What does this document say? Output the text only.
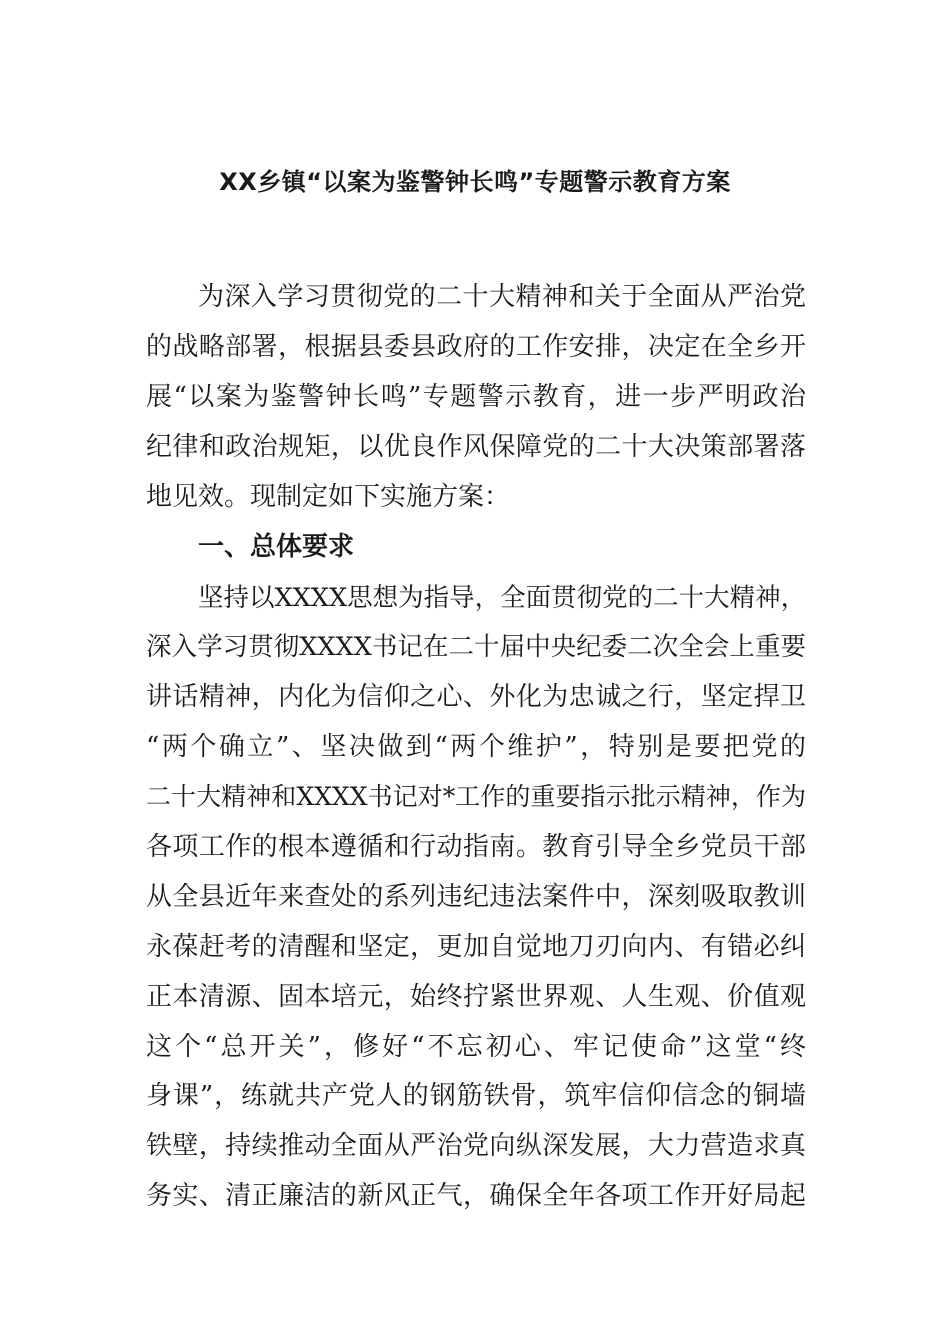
XX乡镇“以案为鉴警钟长鸣”专题警示教育方案
为深入学习贯彻党的二十大精神和关于全面从严治党
的战略部署，根据县委县政府的工作安排，决定在全乡开
展“以案为鉴警钟长鸣”专题警示教育，进一步严明政治
纪律和政治规矩，以优良作风保障党的二十大决策部署落
地见效。现制定如下实施方案：
一、总体要求
坚持以XXXX思想为指导，全面贯彻党的二十大精神，
深入学习贯彻XXXX书记在二十届中央纪委二次全会上重要
讲话精神，内化为信仰之心、外化为忠诚之行，坚定捍卫
“两个确立”、坚决做到“两个维护”，特别是要把党的
二十大精神和XXXX书记对*工作的重要指示批示精神，作为
各项工作的根本遵循和行动指南。教育引导全乡党员干部
从全县近年来查处的系列违纪违法案件中，深刻吸取教训
永葆赶考的清醒和坚定，更加自觉地刀刃向内、有错必纠
正本清源、固本培元，始终拧紧世界观、人生观、价值观
这个“总开关”，修好“不忘初心、牢记使命”这堂“终
身课”，练就共产党人的钢筋铁骨，筑牢信仰信念的铜墙
铁壁，持续推动全面从严治党向纵深发展，大力营造求真
务实、清正廉洁的新风正气，确保全年各项工作开好局起
